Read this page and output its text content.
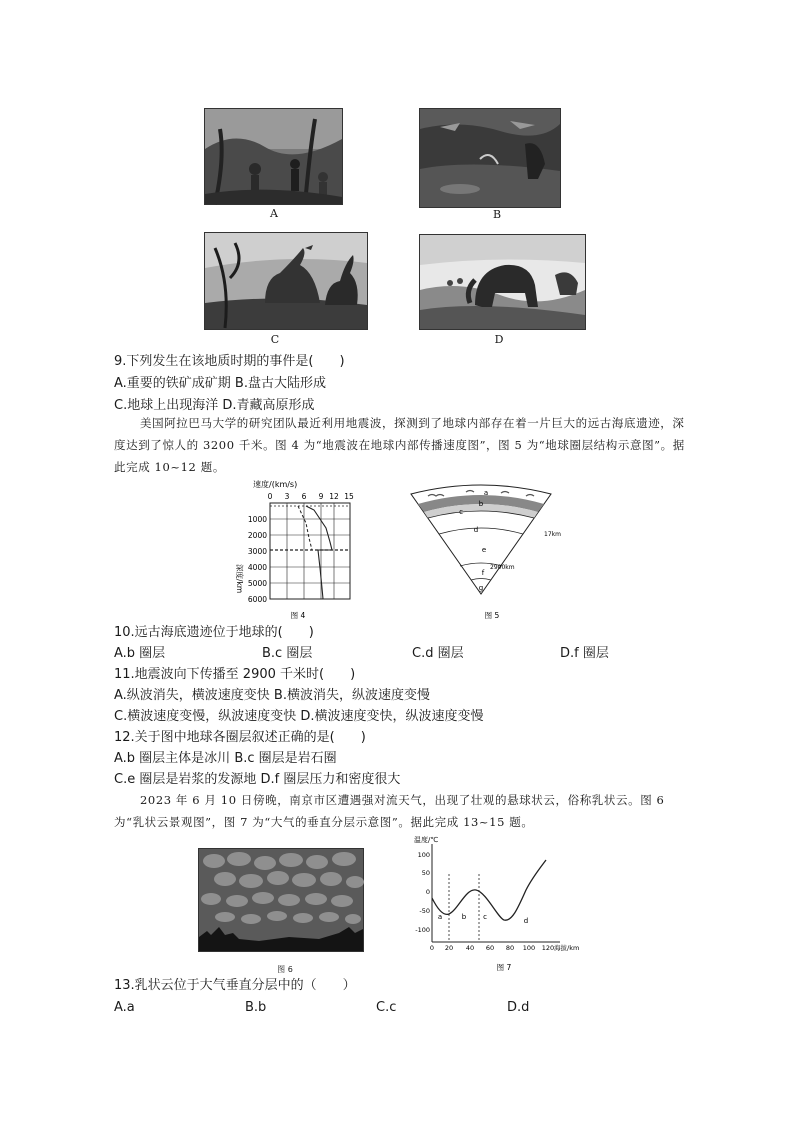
A	B
C	D
9.下列发生在该地质时期的事件是(　　)
A.重要的铁矿成矿期 B.盘古大陆形成
C.地球上出现海洋 D.青藏高原形成
美国阿拉巴马大学的研究团队最近利用地震波，探测到了地球内部存在着一片巨大的远古海底遗迹，深度达到了惊人的 3200 千米。图 4 为“地震波在地球内部传播速度图”，图 5 为“地球圈层结构示意图”。据此完成 10~12 题。
速度/(km/s)
0 3 6 9 12 15
1000
2000
3000
4000
5000
6000
深度/km
图 4
a
b
c
d
e
f
g
17km
2900km
图 5
10.远古海底遗迹位于地球的(　　)
A.b 圈层	B.c 圈层	C.d 圈层	D.f 圈层
11.地震波向下传播至 2900 千米时(　　)
A.纵波消失，横波速度变快 B.横波消失，纵波速度变慢
C.横波速度变慢，纵波速度变快 D.横波速度变快，纵波速度变慢
12.关于图中地球各圈层叙述正确的是(　　)
A.b 圈层主体是冰川 B.c 圈层是岩石圈
C.e 圈层是岩浆的发源地 D.f 圈层压力和密度很大
2023 年 6 月 10 日傍晚，南京市区遭遇强对流天气，出现了壮观的悬球状云，俗称乳状云。图 6 为“乳状云景观图”，图 7 为“大气的垂直分层示意图”。据此完成 13~15 题。
图 6
温度/℃
100
50
0
-50
-100
a	b c	d
0 20 40 60 80 100 120 海拔/km
图 7
13.乳状云位于大气垂直分层中的（　　）
A.a	B.b	C.c	D.d
